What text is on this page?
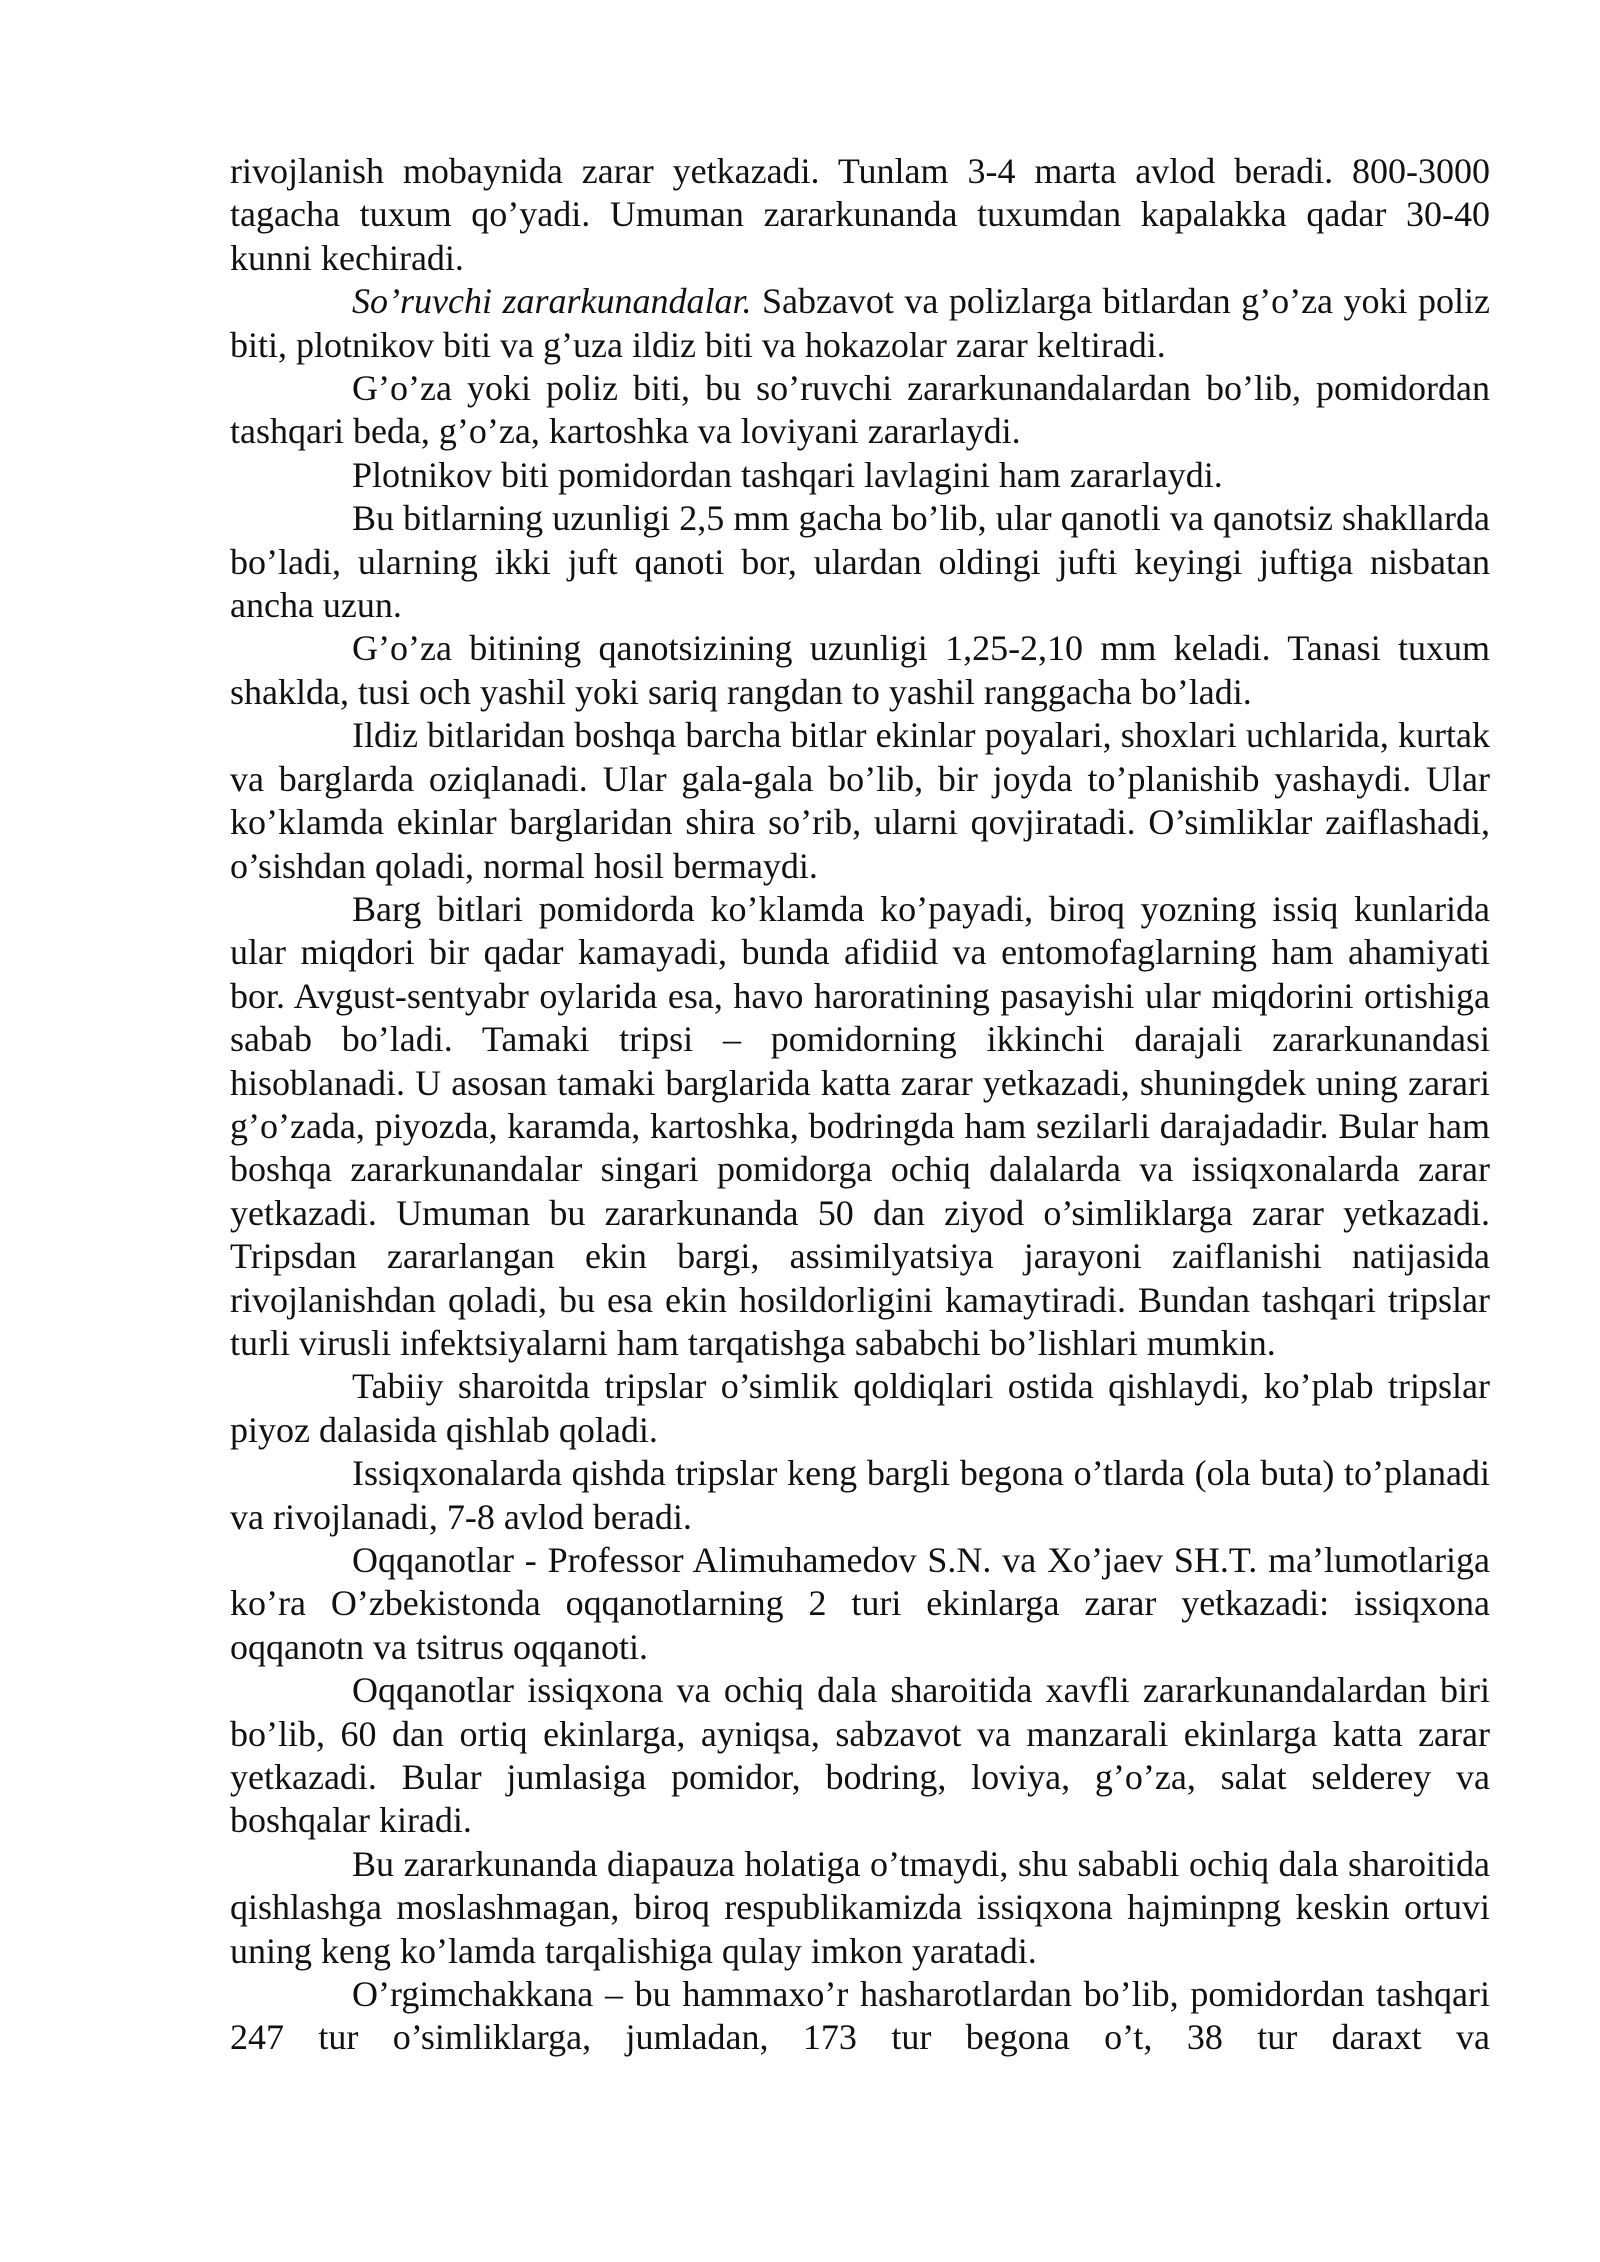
rivojlanish mobaynida zarar yetkazadi. Tunlam 3-4 marta avlod beradi. 800-3000 tagacha tuxum qo’yadi. Umuman zararkunanda tuxumdan kapalakka qadar 30-40 kunni kechiradi.

So’ruvchi zararkunandalar. Sabzavot va polizlarga bitlardan g’o’za yoki poliz biti, plotnikov biti va g’uza ildiz biti va hokazolar zarar keltiradi.

G’o’za yoki poliz biti, bu so’ruvchi zararkunandalardan bo’lib, pomidordan tashqari beda, g’o’za, kartoshka va loviyani zararlaydi.

Plotnikov biti pomidordan tashqari lavlagini ham zararlaydi.

Bu bitlarning uzunligi 2,5 mm gacha bo’lib, ular qanotli va qanotsiz shakllarda bo’ladi, ularning ikki juft qanoti bor, ulardan oldingi jufti keyingi juftiga nisbatan ancha uzun.

G’o’za bitining qanotsizining uzunligi 1,25-2,10 mm keladi. Tanasi tuxum shaklda, tusi och yashil yoki sariq rangdan to yashil ranggacha bo’ladi.

Ildiz bitlaridan boshqa barcha bitlar ekinlar poyalari, shoxlari uchlarida, kurtak va barglarda oziqlanadi. Ular gala-gala bo’lib, bir joyda to’planishib yashaydi. Ular ko’klamda ekinlar barglaridan shira so’rib, ularni qovjiratadi. O’simliklar zaiflashadi, o’sishdan qoladi, normal hosil bermaydi.

Barg bitlari pomidorda ko’klamda ko’payadi, biroq yozning issiq kunlarida ular miqdori bir qadar kamayadi, bunda afidiid va entomofaglarning ham ahamiyati bor. Avgust-sentyabr oylarida esa, havo haroratining pasayishi ular miqdorini ortishiga sabab bo’ladi. Tamaki tripsi – pomidorning ikkinchi darajali zararkunandasi hisoblanadi. U asosan tamaki barglarida katta zarar yetkazadi, shuningdek uning zarari g’o’zada, piyozda, karamda, kartoshka, bodringda ham sezilarli darajadadir. Bular ham boshqa zararkunandalar singari pomidorga ochiq dalalarda va issiqxonalarda zarar yetkazadi. Umuman bu zararkunanda 50 dan ziyod o’simliklarga zarar yetkazadi. Tripsdan zararlangan ekin bargi, assimilyatsiya jarayoni zaiflanishi natijasida rivojlanishdan qoladi, bu esa ekin hosildorligini kamaytiradi. Bundan tashqari tripslar turli virusli infektsiyalarni ham tarqatishga sababchi bo’lishlari mumkin.

Tabiiy sharoitda tripslar o’simlik qoldiqlari ostida qishlaydi, ko’plab tripslar piyoz dalasida qishlab qoladi.

Issiqxonalarda qishda tripslar keng bargli begona o’tlarda (ola buta) to’planadi va rivojlanadi, 7-8 avlod beradi.

Oqqanotlar - Professor Alimuhamedov S.N. va Xo’jaev SH.T. ma’lumotlariga ko’ra O’zbekistonda oqqanotlarning 2 turi ekinlarga zarar yetkazadi: issiqxona oqqanotn va tsitrus oqqanoti.

Oqqanotlar issiqxona va ochiq dala sharoitida xavfli zararkunandalardan biri bo’lib, 60 dan ortiq ekinlarga, ayniqsa, sabzavot va manzarali ekinlarga katta zarar yetkazadi. Bular jumlasiga pomidor, bodring, loviya, g’o’za, salat selderey va boshqalar kiradi.

Bu zararkunanda diapauza holatiga o’tmaydi, shu sababli ochiq dala sharoitida qishlashga moslashmagan, biroq respublikamizda issiqxona hajminpng keskin ortuvi uning keng ko’lamda tarqalishiga qulay imkon yaratadi.

O’rgimchakkana – bu hammaxo’r hasharotlardan bo’lib, pomidordan tashqari 247 tur o’simliklarga, jumladan, 173 tur begona o’t, 38 tur daraxt va
